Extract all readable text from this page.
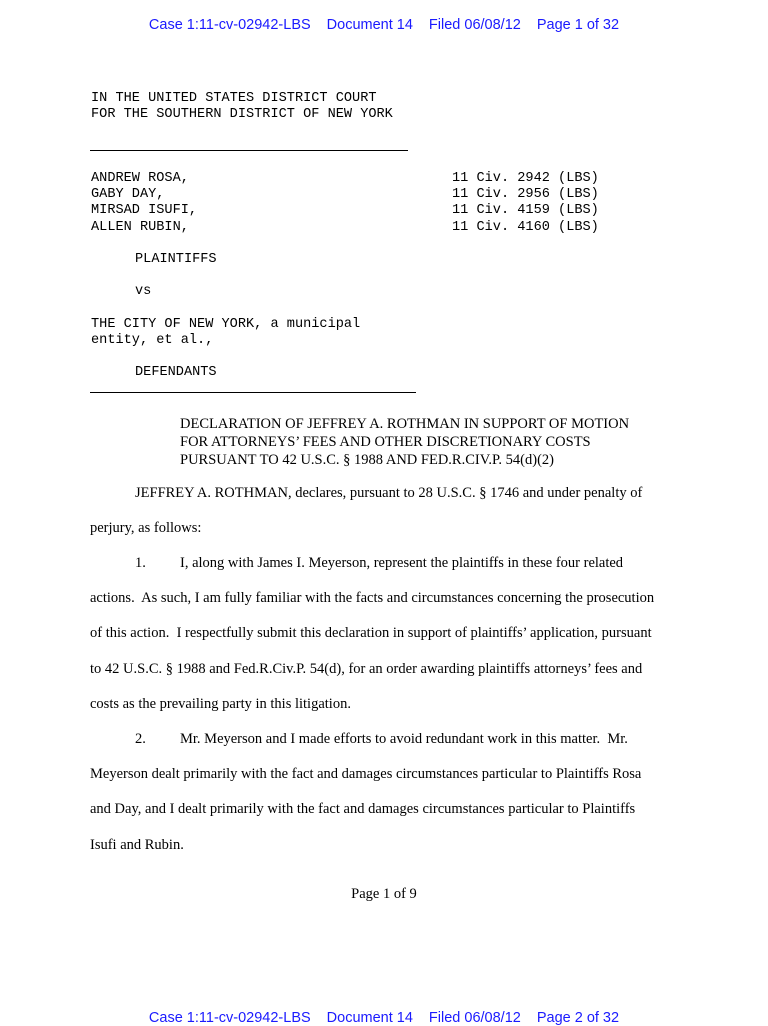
Case 1:11-cv-02942-LBS Document 14 Filed 06/08/12 Page 1 of 32
IN THE UNITED STATES DISTRICT COURT
FOR THE SOUTHERN DISTRICT OF NEW YORK
ANDREW ROSA,
GABY DAY,
MIRSAD ISUFI,
ALLEN RUBIN,
11 Civ. 2942 (LBS)
11 Civ. 2956 (LBS)
11 Civ. 4159 (LBS)
11 Civ. 4160 (LBS)
PLAINTIFFS
vs
THE CITY OF NEW YORK, a municipal
entity, et al.,
DEFENDANTS
DECLARATION OF JEFFREY A. ROTHMAN IN SUPPORT OF MOTION
FOR ATTORNEYS’ FEES AND OTHER DISCRETIONARY COSTS
PURSUANT TO 42 U.S.C. § 1988 AND FED.R.CIV.P. 54(d)(2)
JEFFREY A. ROTHMAN, declares, pursuant to 28 U.S.C. § 1746 and under penalty of
perjury, as follows:
1. I, along with James I. Meyerson, represent the plaintiffs in these four related
actions.  As such, I am fully familiar with the facts and circumstances concerning the prosecution
of this action.  I respectfully submit this declaration in support of plaintiffs’ application, pursuant
to 42 U.S.C. § 1988 and Fed.R.Civ.P. 54(d), for an order awarding plaintiffs attorneys’ fees and
costs as the prevailing party in this litigation.
2. Mr. Meyerson and I made efforts to avoid redundant work in this matter.  Mr.
Meyerson dealt primarily with the fact and damages circumstances particular to Plaintiffs Rosa
and Day, and I dealt primarily with the fact and damages circumstances particular to Plaintiffs
Isufi and Rubin.
Page 1 of 9
Case 1:11-cv-02942-LBS Document 14 Filed 06/08/12 Page 2 of 32
